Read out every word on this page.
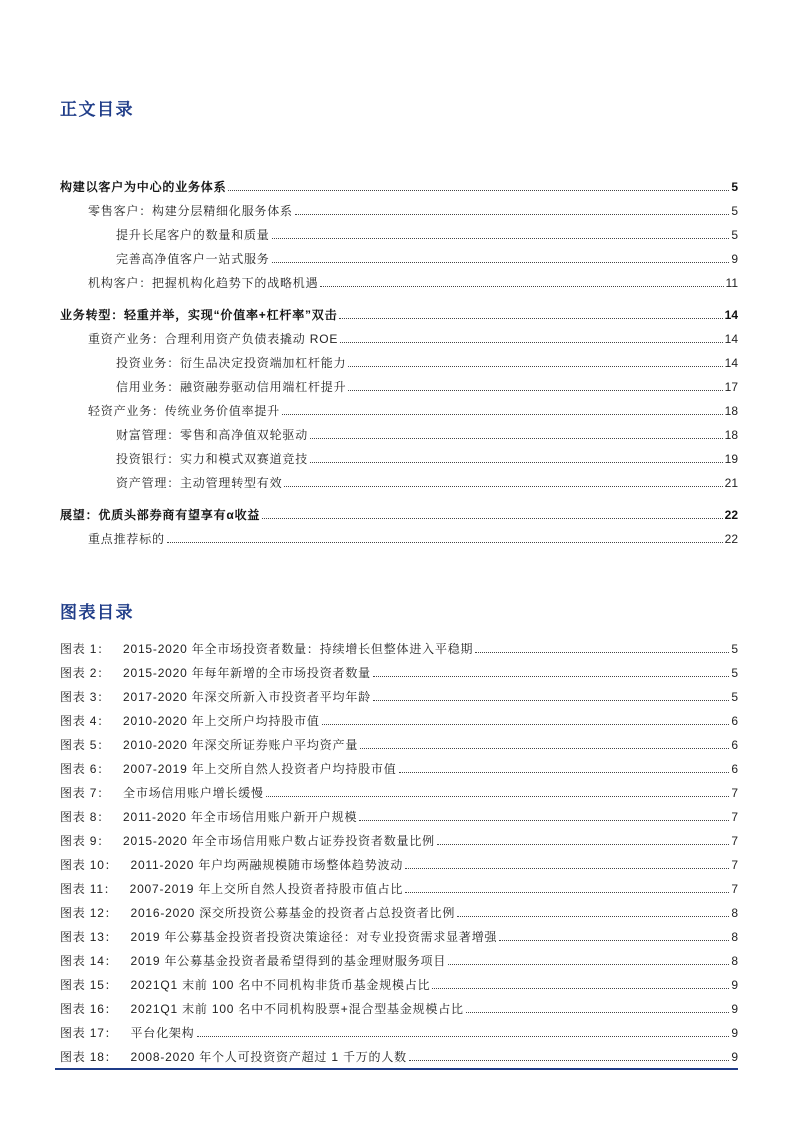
正文目录
构建以客户为中心的业务体系	5
零售客户：构建分层精细化服务体系	5
提升长尾客户的数量和质量	5
完善高净值客户一站式服务	9
机构客户：把握机构化趋势下的战略机遇	11
业务转型：轻重并举，实现“价值率+杠杆率”双击	14
重资产业务：合理利用资产负债表撬动 ROE	14
投资业务：衍生品决定投资端加杠杆能力	14
信用业务：融资融券驱动信用端杠杆提升	17
轻资产业务：传统业务价值率提升	18
财富管理：零售和高净值双轮驱动	18
投资银行：实力和模式双赛道竞技	19
资产管理：主动管理转型有效	21
展望：优质头部券商有望享有α收益	22
重点推荐标的	22
图表目录
图表 1： 2015-2020 年全市场投资者数量：持续增长但整体进入平稳期	5
图表 2： 2015-2020 年每年新增的全市场投资者数量	5
图表 3： 2017-2020 年深交所新入市投资者平均年龄	5
图表 4： 2010-2020 年上交所户均持股市值	6
图表 5： 2010-2020 年深交所证券账户平均资产量	6
图表 6： 2007-2019 年上交所自然人投资者户均持股市值	6
图表 7： 全市场信用账户增长缓慢	7
图表 8： 2011-2020 年全市场信用账户新开户规模	7
图表 9： 2015-2020 年全市场信用账户数占证券投资者数量比例	7
图表 10： 2011-2020 年户均两融规模随市场整体趋势波动	7
图表 11： 2007-2019 年上交所自然人投资者持股市值占比	7
图表 12： 2016-2020 深交所投资公募基金的投资者占总投资者比例	8
图表 13： 2019 年公募基金投资者投资决策途径：对专业投资需求显著增强	8
图表 14： 2019 年公募基金投资者最希望得到的基金理财服务项目	8
图表 15： 2021Q1 末前 100 名中不同机构非货币基金规模占比	9
图表 16： 2021Q1 末前 100 名中不同机构股票+混合型基金规模占比	9
图表 17： 平台化架构	9
图表 18： 2008-2020 年个人可投资资产超过 1 千万的人数	9
